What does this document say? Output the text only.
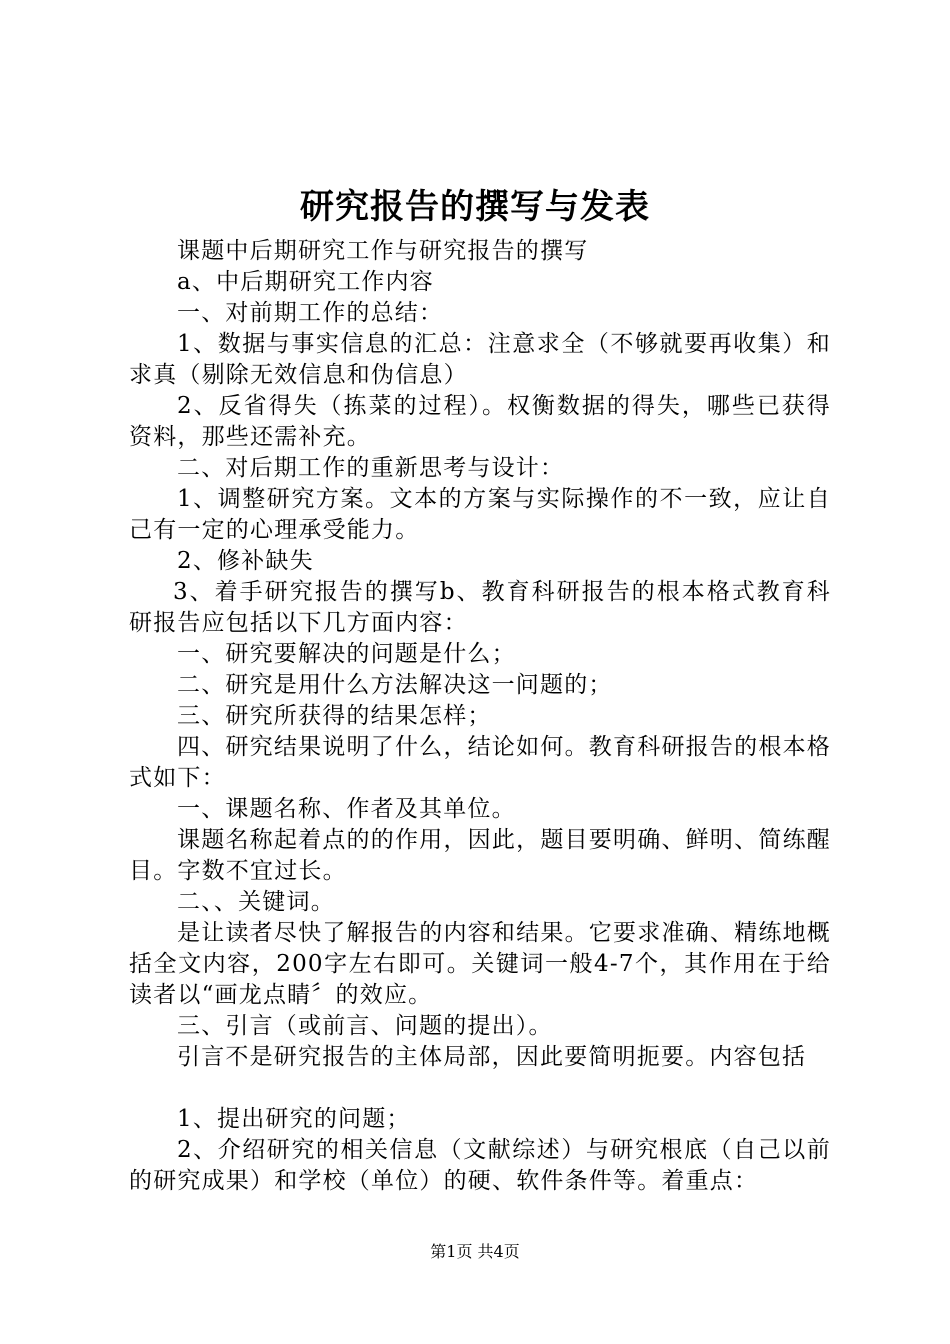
研究报告的撰写与发表

课题中后期研究工作与研究报告的撰写

a、中后期研究工作内容

一、对前期工作的总结：

1、数据与事实信息的汇总：注意求全（不够就要再收集）和求真（剔除无效信息和伪信息）

2、反省得失（拣菜的过程）。权衡数据的得失，哪些已获得资料，那些还需补充。

二、对后期工作的重新思考与设计：

1、调整研究方案。文本的方案与实际操作的不一致，应让自己有一定的心理承受能力。

2、修补缺失

3、着手研究报告的撰写b、教育科研报告的根本格式教育科研报告应包括以下几方面内容：

一、研究要解决的问题是什么；

二、研究是用什么方法解决这一问题的；

三、研究所获得的结果怎样；

四、研究结果说明了什么，结论如何。教育科研报告的根本格式如下：

一、课题名称、作者及其单位。

课题名称起着点的的作用，因此，题目要明确、鲜明、简练醒目。字数不宜过长。

二、、关键词。

是让读者尽快了解报告的内容和结果。它要求准确、精练地概括全文内容，200字左右即可。关键词一般4-7个，其作用在于给读者以“画龙点睛〞的效应。

三、引言（或前言、问题的提出）。

引言不是研究报告的主体局部，因此要简明扼要。内容包括

1、提出研究的问题；

2、介绍研究的相关信息（文献综述）与研究根底（自己以前的研究成果）和学校（单位）的硬、软件条件等。着重点：

第1页 共4页
